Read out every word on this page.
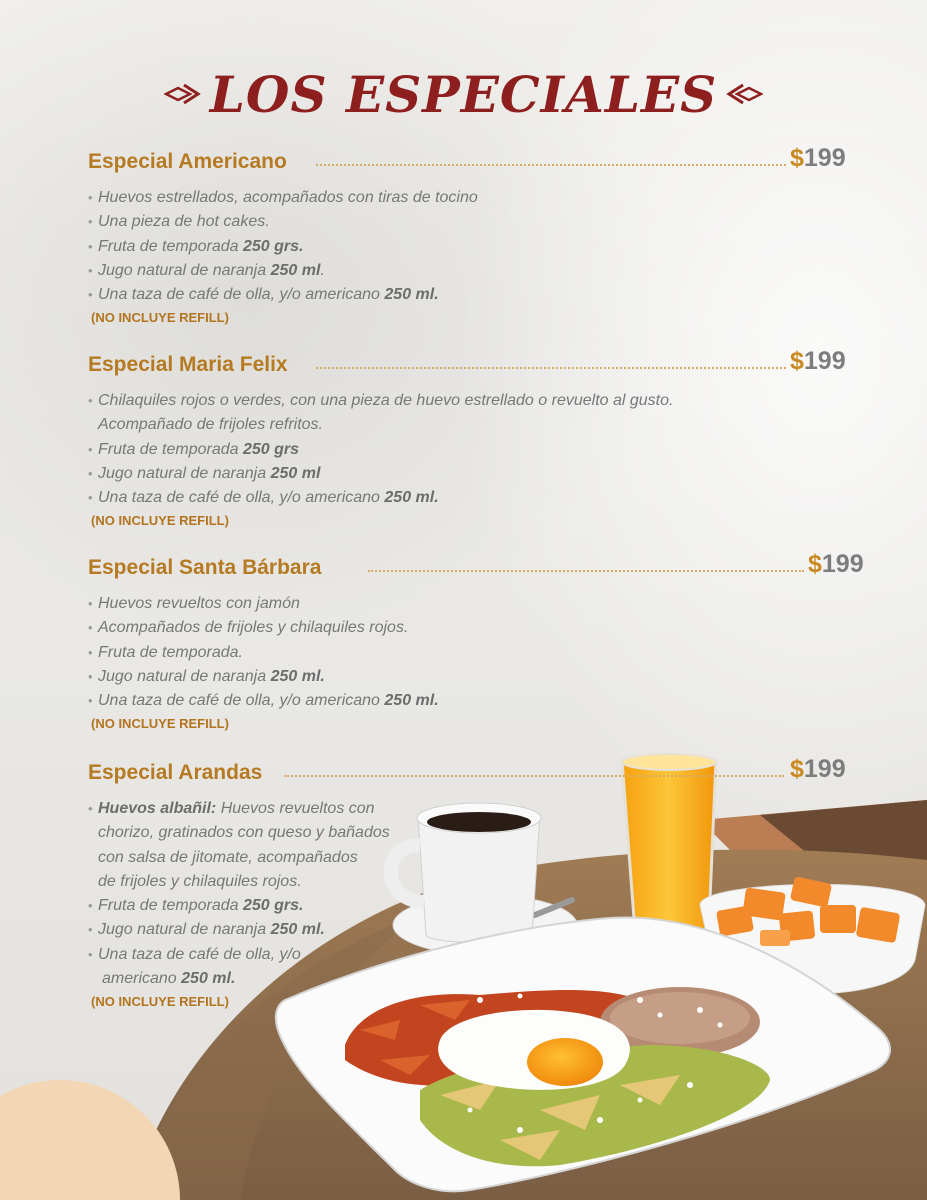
LOS ESPECIALES
Especial Americano	$199
• Huevos estrellados, acompañados con tiras de tocino
• Una pieza de hot cakes.
• Fruta de temporada 250 grs.
• Jugo natural de naranja 250 ml.
• Una taza de café de olla, y/o americano 250 ml.
(NO INCLUYE REFILL)
Especial Maria Felix	$199
• Chilaquiles rojos o verdes, con una pieza de huevo estrellado o revuelto al gusto.
Acompañado de frijoles refritos.
• Fruta de temporada 250 grs
• Jugo natural de naranja 250 ml
• Una taza de café de olla, y/o americano 250 ml.
(NO INCLUYE REFILL)
Especial Santa Bárbara	$199
• Huevos revueltos con jamón
• Acompañados de frijoles y chilaquiles rojos.
• Fruta de temporada.
• Jugo natural de naranja 250 ml.
• Una taza de café de olla, y/o americano 250 ml.
(NO INCLUYE REFILL)
Especial Arandas	$199
• Huevos albañil: Huevos revueltos con
chorizo, gratinados con queso y bañados
con salsa de jitomate, acompañados
de frijoles y chilaquiles rojos.
• Fruta de temporada 250 grs.
• Jugo natural de naranja 250 ml.
• Una taza de café de olla, y/o
americano 250 ml.
(NO INCLUYE REFILL)
